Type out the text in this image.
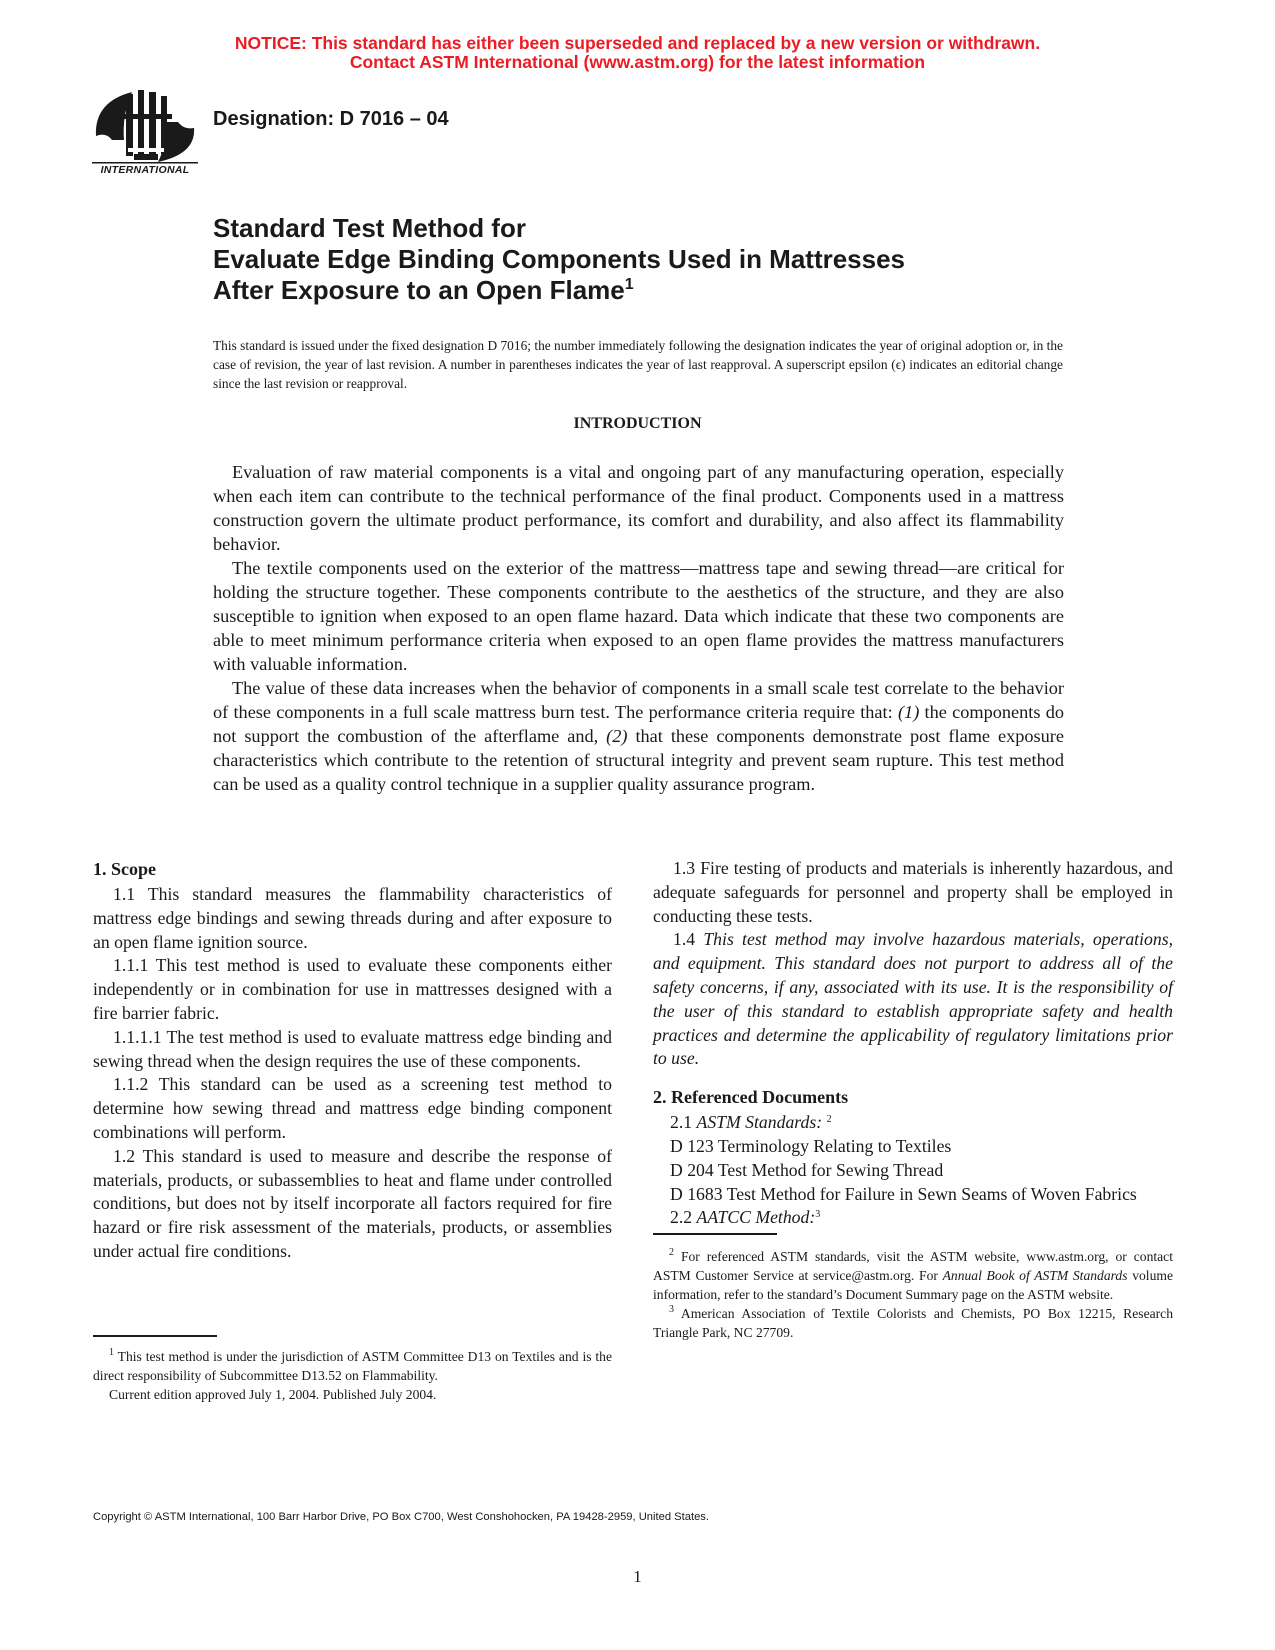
NOTICE: This standard has either been superseded and replaced by a new version or withdrawn.
Contact ASTM International (www.astm.org) for the latest information
INTERNATIONAL
Designation: D 7016 – 04
Standard Test Method for
Evaluate Edge Binding Components Used in Mattresses
After Exposure to an Open Flame$^1$
This standard is issued under the fixed designation D 7016; the number immediately following the designation indicates the year of original adoption or, in the case of revision, the year of last revision. A number in parentheses indicates the year of last reapproval. A superscript epsilon (ϵ) indicates an editorial change since the last revision or reapproval.
INTRODUCTION

Evaluation of raw material components is a vital and ongoing part of any manufacturing operation, especially when each item can contribute to the technical performance of the final product. Components used in a mattress construction govern the ultimate product performance, its comfort and durability, and also affect its flammability behavior.

The textile components used on the exterior of the mattress—mattress tape and sewing thread—are critical for holding the structure together. These components contribute to the aesthetics of the structure, and they are also susceptible to ignition when exposed to an open flame hazard. Data which indicate that these two components are able to meet minimum performance criteria when exposed to an open flame provides the mattress manufacturers with valuable information.

The value of these data increases when the behavior of components in a small scale test correlate to the behavior of these components in a full scale mattress burn test. The performance criteria require that: (1) the components do not support the combustion of the afterflame and, (2) that these components demonstrate post flame exposure characteristics which contribute to the retention of structural integrity and prevent seam rupture. This test method can be used as a quality control technique in a supplier quality assurance program.

1. Scope

1.1 This standard measures the flammability characteristics of mattress edge bindings and sewing threads during and after exposure to an open flame ignition source.

1.1.1 This test method is used to evaluate these components either independently or in combination for use in mattresses designed with a fire barrier fabric.

1.1.1.1 The test method is used to evaluate mattress edge binding and sewing thread when the design requires the use of these components.

1.1.2 This standard can be used as a screening test method to determine how sewing thread and mattress edge binding component combinations will perform.

1.2 This standard is used to measure and describe the response of materials, products, or subassemblies to heat and flame under controlled conditions, but does not by itself incorporate all factors required for fire hazard or fire risk assessment of the materials, products, or assemblies under actual fire conditions.

$^1$ This test method is under the jurisdiction of ASTM Committee D13 on Textiles and is the direct responsibility of Subcommittee D13.52 on Flammability.

Current edition approved July 1, 2004. Published July 2004.

1.3 Fire testing of products and materials is inherently hazardous, and adequate safeguards for personnel and property shall be employed in conducting these tests.

1.4 This test method may involve hazardous materials, operations, and equipment. This standard does not purport to address all of the safety concerns, if any, associated with its use. It is the responsibility of the user of this standard to establish appropriate safety and health practices and determine the applicability of regulatory limitations prior to use.

2. Referenced Documents

2.1 ASTM Standards: $^2$

D 123 Terminology Relating to Textiles

D 204 Test Method for Sewing Thread

D 1683 Test Method for Failure in Sewn Seams of Woven Fabrics

2.2 AATCC Method:$^3$

$^2$ For referenced ASTM standards, visit the ASTM website, www.astm.org, or contact ASTM Customer Service at service@astm.org. For Annual Book of ASTM Standards volume information, refer to the standard’s Document Summary page on the ASTM website.

$^3$ American Association of Textile Colorists and Chemists, PO Box 12215, Research Triangle Park, NC 27709.

Copyright © ASTM International, 100 Barr Harbor Drive, PO Box C700, West Conshohocken, PA 19428-2959, United States.
1
